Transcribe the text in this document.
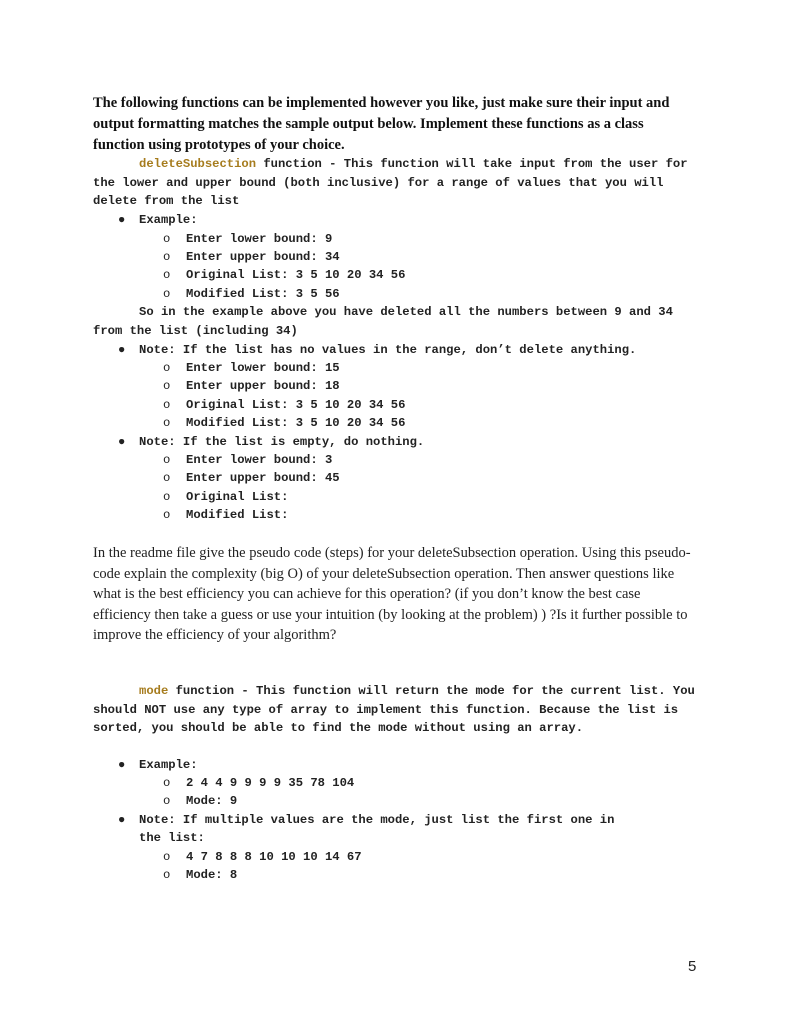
The following functions can be implemented however you like, just make sure their input and output formatting matches the sample output below. Implement these functions as a class function using prototypes of your choice.

deleteSubsection function - This function will take input from the user for the lower and upper bound (both inclusive) for a range of values that you will delete from the list

● Example:
o Enter lower bound: 9
o Enter upper bound: 34
o Original List: 3 5 10 20 34 56
o Modified List: 3 5 56

So in the example above you have deleted all the numbers between 9 and 34 from the list (including 34)

● Note: If the list has no values in the range, don’t delete anything.
o Enter lower bound: 15
o Enter upper bound: 18
o Original List: 3 5 10 20 34 56
o Modified List: 3 5 10 20 34 56
● Note: If the list is empty, do nothing.
o Enter lower bound: 3
o Enter upper bound: 45
o Original List:
o Modified List:

In the readme file give the pseudo code (steps) for your deleteSubsection operation. Using this pseudo-code explain the complexity (big O) of your deleteSubsection operation. Then answer questions like what is the best efficiency you can achieve for this operation? (if you don’t know the best case efficiency then take a guess or use your intuition (by looking at the problem) ) ?Is it further possible to improve the efficiency of your algorithm?

mode function - This function will return the mode for the current list. You should NOT use any type of array to implement this function. Because the list is sorted, you should be able to find the mode without using an array.

● Example:
o 2 4 4 9 9 9 9 35 78 104
o Mode: 9
● Note: If multiple values are the mode, just list the first one in
the list:
o 4 7 8 8 8 10 10 10 14 67
o Mode: 8
5
